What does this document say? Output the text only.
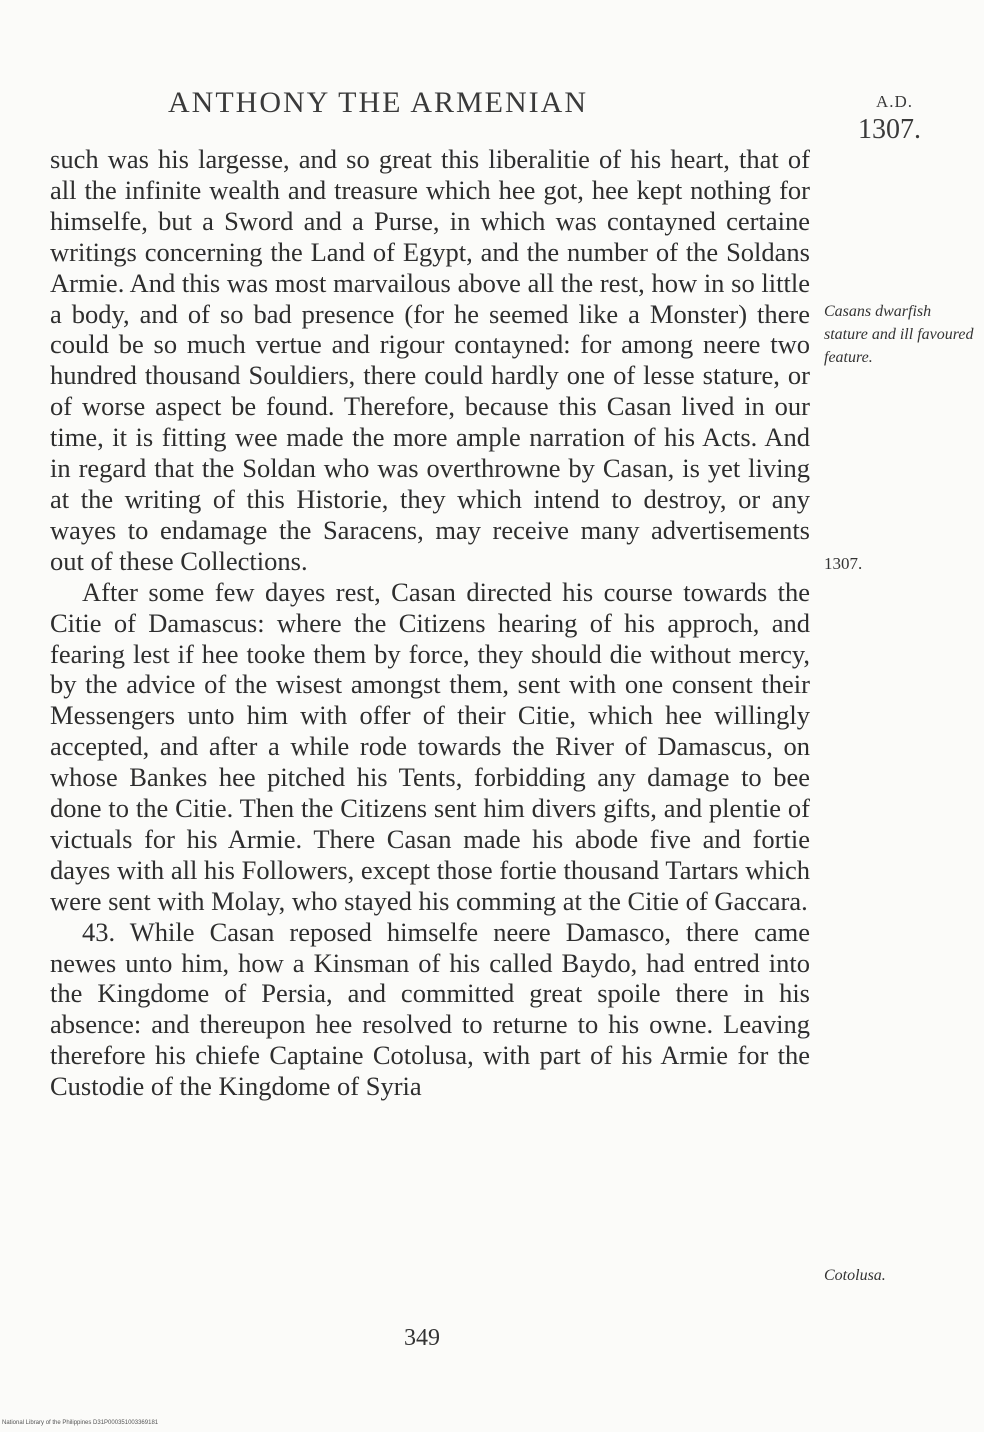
ANTHONY THE ARMENIAN	A.D.
1307.

such was his largesse, and so great this liberalitie of his heart, that of all the infinite wealth and treasure which hee got, hee kept nothing for himselfe, but a Sword and a Purse, in which was contayned certaine writings concerning the Land of Egypt, and the number of the Soldans Armie. And this was most marvailous above all the rest, how in so little a body, and of so bad presence (for he seemed like a Monster) there could be so much vertue and rigour contayned: for among neere two hundred thousand Souldiers, there could hardly one of lesse stature, or of worse aspect be found. Therefore, because this Casan lived in our time, it is fitting wee made the more ample narration of his Acts. And in regard that the Soldan who was overthrowne by Casan, is yet living at the writing of this Historie, they which intend to destroy, or any wayes to endamage the Saracens, may receive many advertisements out of these Collections.

After some few dayes rest, Casan directed his course towards the Citie of Damascus: where the Citizens hearing of his approch, and fearing lest if hee tooke them by force, they should die without mercy, by the advice of the wisest amongst them, sent with one consent their Messengers unto him with offer of their Citie, which hee willingly accepted, and after a while rode towards the River of Damascus, on whose Bankes hee pitched his Tents, forbidding any damage to bee done to the Citie. Then the Citizens sent him divers gifts, and plentie of victuals for his Armie. There Casan made his abode five and fortie dayes with all his Followers, except those fortie thousand Tartars which were sent with Molay, who stayed his comming at the Citie of Gaccara.

43. While Casan reposed himselfe neere Damasco, there came newes unto him, how a Kinsman of his called Baydo, had entred into the Kingdome of Persia, and committed great spoile there in his absence: and thereupon hee resolved to returne to his owne. Leaving therefore his chiefe Captaine Cotolusa, with part of his Armie for the Custodie of the Kingdome of Syria

Casans dwarfish stature and ill favoured feature.
1307.
Cotolusa.
349
National Library of the Philippines D31P000351003369181
